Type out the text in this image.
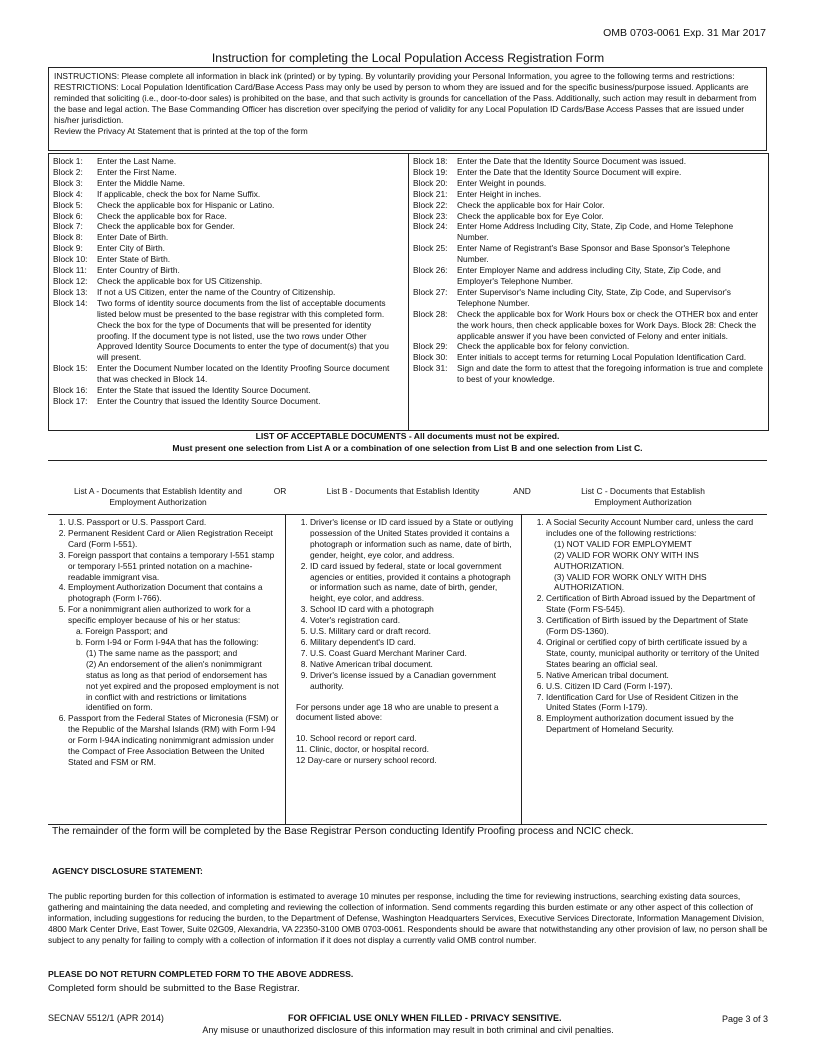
OMB 0703-0061 Exp. 31 Mar 2017
Instruction for completing the Local Population Access Registration Form

INSTRUCTIONS: Please complete all information in black ink (printed) or by typing. By voluntarily providing your Personal Information, you agree to the following terms and restrictions:

RESTRICTIONS: Local Population Identification Card/Base Access Pass may only be used by person to whom they are issued and for the specific business/purpose issued. Applicants are reminded that soliciting (i.e., door-to-door sales) is prohibited on the base, and that such activity is grounds for cancellation of the Pass. Additionally, such action may result in debarment from the base and legal action. The Base Commanding Officer has discretion over specifying the period of validity for any Local Population ID Cards/Base Access Passes that are issued under his/her jurisdiction.

Review the Privacy At Statement that is printed at the top of the form

Block 1:	Enter the Last Name.
Block 2:	Enter the First Name.
Block 3:	Enter the Middle Name.
Block 4:	If applicable, check the box for Name Suffix.
Block 5:	Check the applicable box for Hispanic or Latino.
Block 6:	Check the applicable box for Race.
Block 7:	Check the applicable box for Gender.
Block 8:	Enter Date of Birth.
Block 9:	Enter City of Birth.
Block 10:	Enter State of Birth.
Block 11:	Enter Country of Birth.
Block 12:	Check the applicable box for US Citizenship.
Block 13:	If not a US Citizen, enter the name of the Country of Citizenship.
Block 14:	Two forms of identity source documents from the list of acceptable documents listed below must be presented to the base registrar with this completed form. Check the box for the type of Documents that will be presented for identity proofing. If the document type is not listed, use the two rows under Other Approved Identity Source Documents to enter the type of document(s) that you will present.
Block 15:	Enter the Document Number located on the Identity Proofing Source document that was checked in Block 14.
Block 16:	Enter the State that issued the Identity Source Document.
Block 17:	Enter the Country that issued the Identity Source Document.
Block 18:	Enter the Date that the Identity Source Document was issued.
Block 19:	Enter the Date that the Identity Source Document will expire.
Block 20:	Enter Weight in pounds.
Block 21:	Enter Height in inches.
Block 22:	Check the applicable box for Hair Color.
Block 23:	Check the applicable box for Eye Color.
Block 24:	Enter Home Address Including City, State, Zip Code, and Home Telephone Number.
Block 25:	Enter Name of Registrant's Base Sponsor and Base Sponsor's Telephone Number.
Block 26:	Enter Employer Name and address including City, State, Zip Code, and Employer's Telephone Number.
Block 27:	Enter Supervisor's Name including City, State, Zip Code, and Supervisor's Telephone Number.
Block 28:	Check the applicable box for Work Hours box or check the OTHER box and enter the work hours, then check applicable boxes for Work Days. Block 28: Check the applicable answer if you have been convicted of Felony and enter initials.
Block 29:	Check the applicable box for felony conviction.
Block 30:	Enter initials to accept terms for returning Local Population Identification Card.
Block 31:	Sign and date the form to attest that the foregoing information is true and complete to best of your knowledge.
LIST OF ACCEPTABLE DOCUMENTS - All documents must not be expired.
Must present one selection from List A or a combination of one selection from List B and one selection from List C.
List A - Documents that Establish Identity and Employment Authorization
OR	List B - Documents that Establish Identity	AND	List C - Documents that Establish Employment Authorization
1. U.S. Passport or U.S. Passport Card.
2. Permanent Resident Card or Alien Registration Receipt Card (Form I-551).
3. Foreign passport that contains a temporary I-551 stamp or temporary I-551 printed notation on a machine-readable immigrant visa.
4. Employment Authorization Document that contains a photograph (Form I-766).
5. For a nonimmigrant alien authorized to work for a specific employer because of his or her status:
a. Foreign Passport; and
b. Form I-94 or Form I-94A that has the following:
(1) The same name as the passport; and
(2) An endorsement of the alien's nonimmigrant status as long as that period of endorsement has not yet expired and the proposed employment is not in conflict with and restrictions or limitations identified on form.
6. Passport from the Federal States of Micronesia (FSM) or the Republic of the Marshal Islands (RM) with Form I-94 or Form I-94A indicating nonimmigrant admission under the Compact of Free Association Between the United Stated and FSM or RM.
1. Driver's license or ID card issued by a State or outlying possession of the United States provided it contains a photograph or information such as name, date of birth, gender, height, eye color, and address.
2. ID card issued by federal, state or local government agencies or entities, provided it contains a photograph or information such as name, date of birth, gender, height, eye color, and address.
3. School ID card with a photograph
4. Voter's registration card.
5. U.S. Military card or draft record.
6. Military dependent's ID card.
7. U.S. Coast Guard Merchant Mariner Card.
8. Native American tribal document.
9. Driver's license issued by a Canadian government authority.
For persons under age 18 who are unable to present a document listed above:
10. School record or report card.
11. Clinic, doctor, or hospital record.
12 Day-care or nursery school record.
1. A Social Security Account Number card, unless the card includes one of the following restrictions:
(1) NOT VALID FOR EMPLOYMEMT
(2) VALID FOR WORK ONY WITH INS AUTHORIZATION.
(3) VALID FOR WORK ONLY WITH DHS AUTHORIZATION.
2. Certification of Birth Abroad issued by the Department of State (Form FS-545).
3. Certification of Birth issued by the Department of State (Form DS-1360).
4. Original or certified copy of birth certificate issued by a State, county, municipal authority or territory of the United States bearing an official seal.
5. Native American tribal document.
6. U.S. Citizen ID Card (Form I-197).
7. Identification Card for Use of Resident Citizen in the United States (Form I-179).
8. Employment authorization document issued by the Department of Homeland Security.
The remainder of the form will be completed by the Base Registrar Person conducting Identify Proofing process and NCIC check.
AGENCY DISCLOSURE STATEMENT:
The public reporting burden for this collection of information is estimated to average 10 minutes per response, including the time for reviewing instructions, searching existing data sources, gathering and maintaining the data needed, and completing and reviewing the collection of information. Send comments regarding this burden estimate or any other aspect of this collection of information, including suggestions for reducing the burden, to the Department of Defense, Washington Headquarters Services, Executive Services Directorate, Information Management Division, 4800 Mark Center Drive, East Tower, Suite 02G09, Alexandria, VA 22350-3100 OMB 0703-0061. Respondents should be aware that notwithstanding any other provision of law, no person shall be subject to any penalty for failing to comply with a collection of information if it does not display a currently valid OMB control number.
PLEASE DO NOT RETURN COMPLETED FORM TO THE ABOVE ADDRESS.
Completed form should be submitted to the Base Registrar.
SECNAV 5512/1 (APR 2014)	FOR OFFICIAL USE ONLY WHEN FILLED - PRIVACY SENSITIVE.	Page 3 of 3
Any misuse or unauthorized disclosure of this information may result in both criminal and civil penalties.
